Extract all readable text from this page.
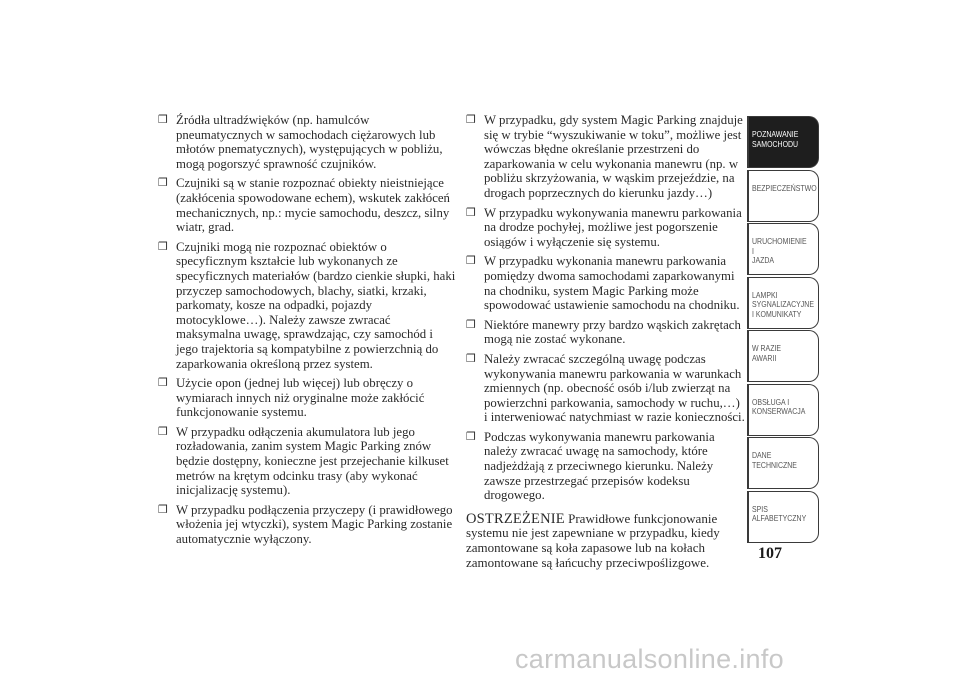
❒ Źródła ultradźwięków (np. hamulców pneumatycznych w samochodach ciężarowych lub młotów pnematycznych), występujących w pobliżu, mogą pogorszyć sprawność czujników.
❒ Czujniki są w stanie rozpoznać obiekty nieistniejące (zakłócenia spowodowane echem), wskutek zakłóceń mechanicznych, np.: mycie samochodu, deszcz, silny wiatr, grad.
❒ Czujniki mogą nie rozpoznać obiektów o specyficznym kształcie lub wykonanych ze specyficznych materiałów (bardzo cienkie słupki, haki przyczep samochodowych, blachy, siatki, krzaki, parkomaty, kosze na odpadki, pojazdy motocyklowe…). Należy zawsze zwracać maksymalna uwagę, sprawdzając, czy samochód i jego trajektoria są kompatybilne z powierzchnią do zaparkowania określoną przez system.
❒ Użycie opon (jednej lub więcej) lub obręczy o wymiarach innych niż oryginalne może zakłócić funkcjonowanie systemu.
❒ W przypadku odłączenia akumulatora lub jego rozładowania, zanim system Magic Parking znów będzie dostępny, konieczne jest przejechanie kilkuset metrów na krętym odcinku trasy (aby wykonać inicjalizację systemu).
❒ W przypadku podłączenia przyczepy (i prawidłowego włożenia jej wtyczki), system Magic Parking zostanie automatycznie wyłączony.
❒ W przypadku, gdy system Magic Parking znajduje się w trybie “wyszukiwanie w toku”, możliwe jest wówczas błędne określanie przestrzeni do zaparkowania w celu wykonania manewru (np. w pobliżu skrzyżowania, w wąskim przejeździe, na drogach poprzecznych do kierunku jazdy…)
❒ W przypadku wykonywania manewru parkowania na drodze pochyłej, możliwe jest pogorszenie osiągów i wyłączenie się systemu.
❒ W przypadku wykonania manewru parkowania pomiędzy dwoma samochodami zaparkowanymi na chodniku, system Magic Parking może spowodować ustawienie samochodu na chodniku.
❒ Niektóre manewry przy bardzo wąskich zakrętach mogą nie zostać wykonane.
❒ Należy zwracać szczególną uwagę podczas wykonywania manewru parkowania w warunkach zmiennych (np. obecność osób i/lub zwierząt na powierzchni parkowania, samochody w ruchu,…) i interweniować natychmiast w razie konieczności.
❒ Podczas wykonywania manewru parkowania należy zwracać uwagę na samochody, które nadjeżdżają z przeciwnego kierunku. Należy zawsze przestrzegać przepisów kodeksu drogowego.
OSTRZEŻENIE Prawidłowe funkcjonowanie systemu nie jest zapewniane w przypadku, kiedy zamontowane są koła zapasowe lub na kołach zamontowane są łańcuchy przeciwpoślizgowe.
POZNAWANIE
SAMOCHODU
BEZPIECZEŃSTWO
URUCHOMIENIE I
JAZDA
LAMPKI
SYGNALIZACYJNE
I KOMUNIKATY
W RAZIE AWARII
OBSŁUGA I
KONSERWACJA
DANE
TECHNICZNE
SPIS
ALFABETYCZNY
107
carmanualsonline.info
